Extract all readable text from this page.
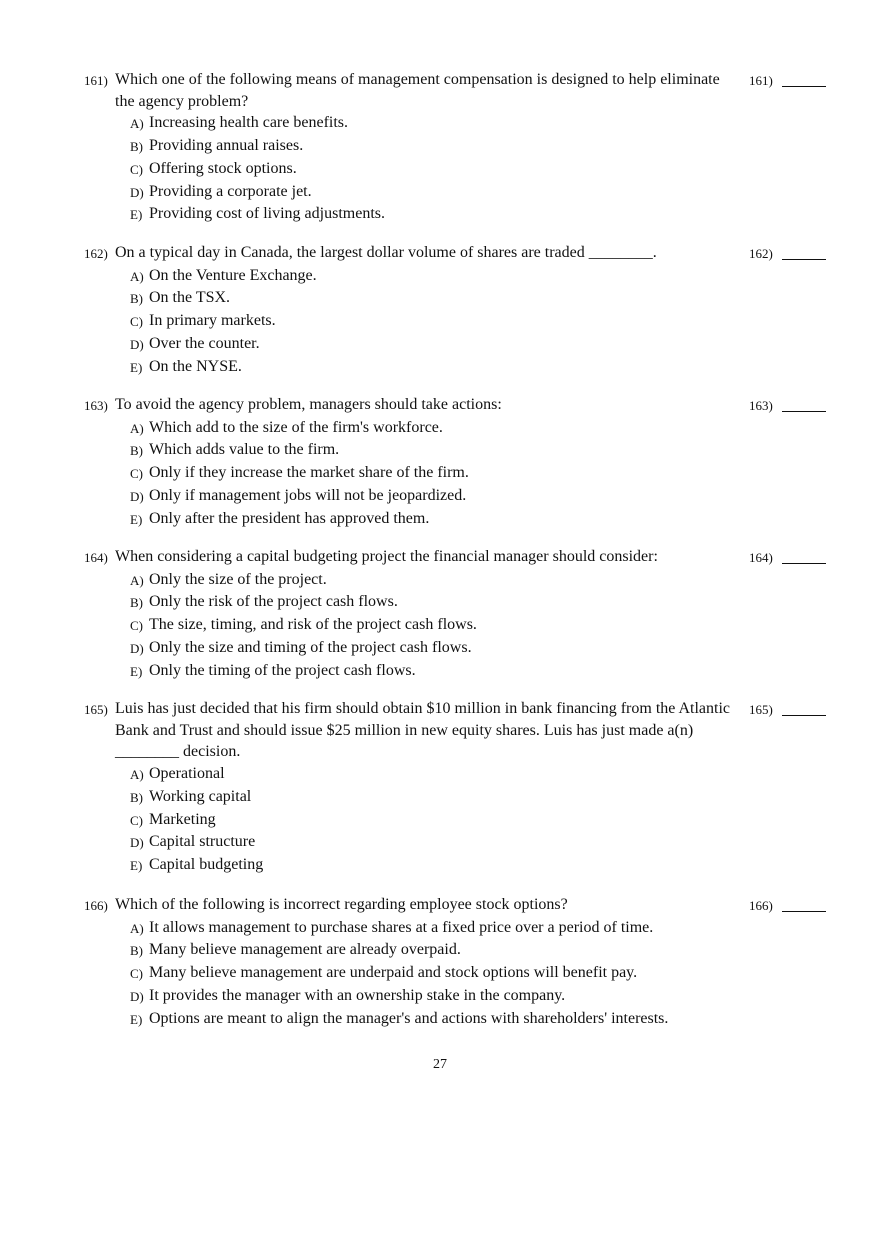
161) Which one of the following means of management compensation is designed to help eliminate the agency problem?
161)
A) Increasing health care benefits.
B) Providing annual raises.
C) Offering stock options.
D) Providing a corporate jet.
E) Providing cost of living adjustments.
162) On a typical day in Canada, the largest dollar volume of shares are traded ________.	162)
A) On the Venture Exchange.
B) On the TSX.
C) In primary markets.
D) Over the counter.
E) On the NYSE.
163) To avoid the agency problem, managers should take actions:	163)
A) Which add to the size of the firm's workforce.
B) Which adds value to the firm.
C) Only if they increase the market share of the firm.
D) Only if management jobs will not be jeopardized.
E) Only after the president has approved them.
164) When considering a capital budgeting project the financial manager should consider:	164)
A) Only the size of the project.
B) Only the risk of the project cash flows.
C) The size, timing, and risk of the project cash flows.
D) Only the size and timing of the project cash flows.
E) Only the timing of the project cash flows.
165) Luis has just decided that his firm should obtain $10 million in bank financing from the Atlantic Bank and Trust and should issue $25 million in new equity shares. Luis has just made a(n) ________ decision.
165)
A) Operational
B) Working capital
C) Marketing
D) Capital structure
E) Capital budgeting
166) Which of the following is incorrect regarding employee stock options?	166)
A) It allows management to purchase shares at a fixed price over a period of time.
B) Many believe management are already overpaid.
C) Many believe management are underpaid and stock options will benefit pay.
D) It provides the manager with an ownership stake in the company.
E) Options are meant to align the manager's and actions with shareholders' interests.
27
